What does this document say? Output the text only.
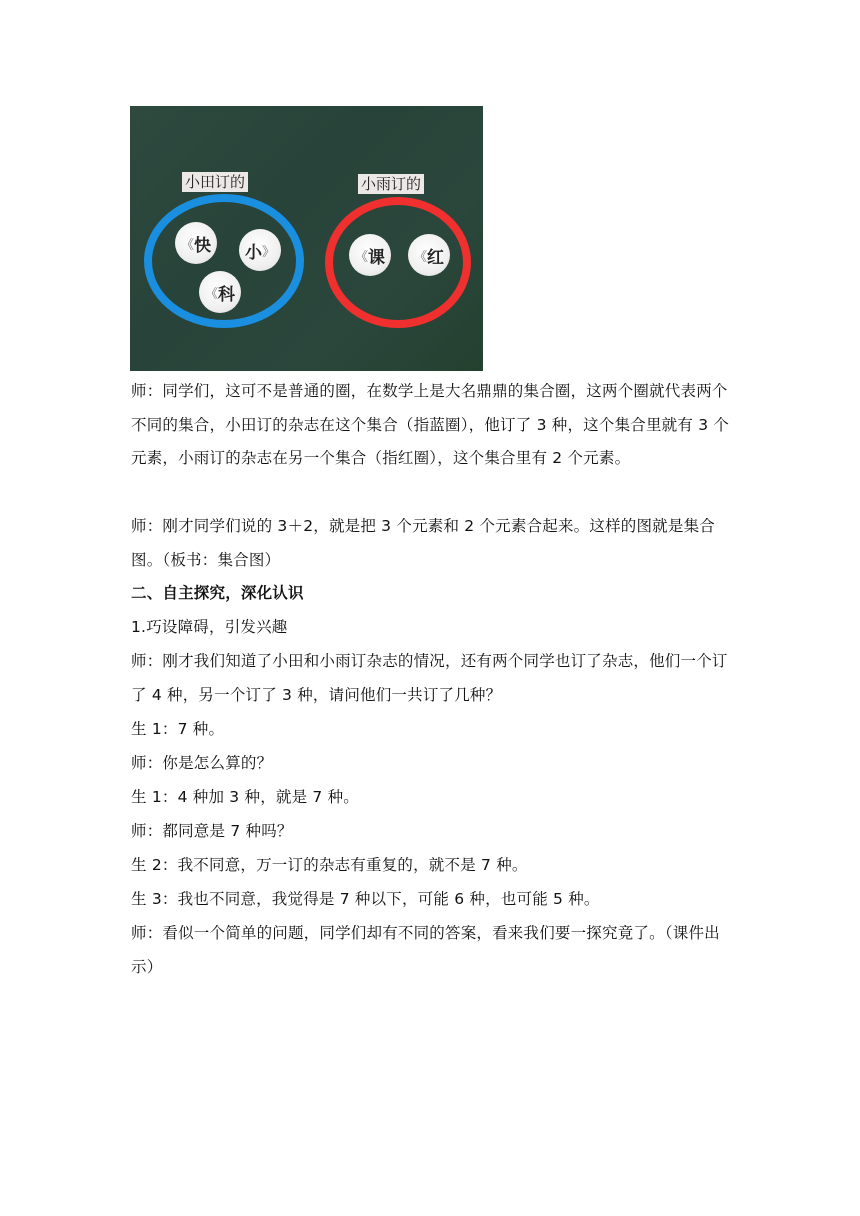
小田订的	小雨订的
《 快 小 》
《 科
《 课 《 红

师：同学们，这可不是普通的圈，在数学上是大名鼎鼎的集合圈，这两个圈就代表两个不同的集合，小田订的杂志在这个集合（指蓝圈），他订了 3 种，这个集合里就有 3 个元素，小雨订的杂志在另一个集合（指红圈），这个集合里有 2 个元素。

师：刚才同学们说的 3＋2，就是把 3 个元素和 2 个元素合起来。这样的图就是集合图。（板书：集合图）

二、自主探究，深化认识

1.巧设障碍，引发兴趣

师：刚才我们知道了小田和小雨订杂志的情况，还有两个同学也订了杂志，他们一个订了 4 种，另一个订了 3 种，请问他们一共订了几种？

生 1：7 种。

师：你是怎么算的？

生 1：4 种加 3 种，就是 7 种。

师：都同意是 7 种吗？

生 2：我不同意，万一订的杂志有重复的，就不是 7 种。

生 3：我也不同意，我觉得是 7 种以下，可能 6 种，也可能 5 种。

师：看似一个简单的问题，同学们却有不同的答案，看来我们要一探究竟了。（课件出示）
